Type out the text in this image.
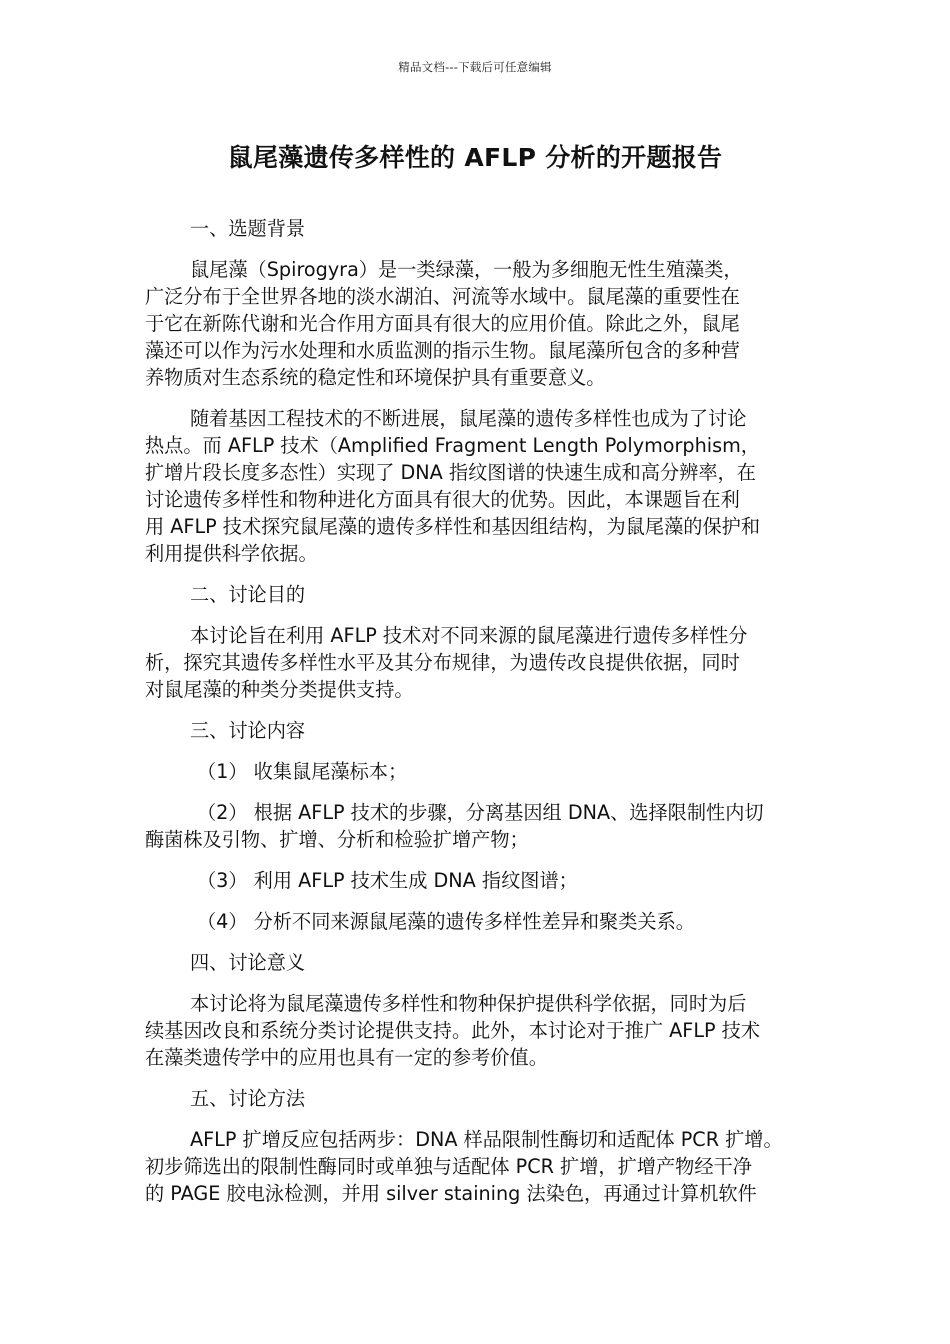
精品文档---下载后可任意编辑
鼠尾藻遗传多样性的 AFLP 分析的开题报告
一、选题背景
鼠尾藻（Spirogyra）是一类绿藻，一般为多细胞无性生殖藻类，
广泛分布于全世界各地的淡水湖泊、河流等水域中。鼠尾藻的重要性在
于它在新陈代谢和光合作用方面具有很大的应用价值。除此之外，鼠尾
藻还可以作为污水处理和水质监测的指示生物。鼠尾藻所包含的多种营
养物质对生态系统的稳定性和环境保护具有重要意义。
随着基因工程技术的不断进展，鼠尾藻的遗传多样性也成为了讨论
热点。而 AFLP 技术（Amplified Fragment Length Polymorphism，
扩增片段长度多态性）实现了 DNA 指纹图谱的快速生成和高分辨率，在
讨论遗传多样性和物种进化方面具有很大的优势。因此，本课题旨在利
用 AFLP 技术探究鼠尾藻的遗传多样性和基因组结构，为鼠尾藻的保护和
利用提供科学依据。
二、讨论目的
本讨论旨在利用 AFLP 技术对不同来源的鼠尾藻进行遗传多样性分
析，探究其遗传多样性水平及其分布规律，为遗传改良提供依据，同时
对鼠尾藻的种类分类提供支持。
三、讨论内容
（1） 收集鼠尾藻标本；
（2） 根据 AFLP 技术的步骤，分离基因组 DNA、选择限制性内切
酶菌株及引物、扩增、分析和检验扩增产物；
（3） 利用 AFLP 技术生成 DNA 指纹图谱；
（4） 分析不同来源鼠尾藻的遗传多样性差异和聚类关系。
四、讨论意义
本讨论将为鼠尾藻遗传多样性和物种保护提供科学依据，同时为后
续基因改良和系统分类讨论提供支持。此外，本讨论对于推广 AFLP 技术
在藻类遗传学中的应用也具有一定的参考价值。
五、讨论方法
AFLP 扩增反应包括两步：DNA 样品限制性酶切和适配体 PCR 扩增。
初步筛选出的限制性酶同时或单独与适配体 PCR 扩增，扩增产物经干净
的 PAGE 胶电泳检测，并用 silver staining 法染色，再通过计算机软件
